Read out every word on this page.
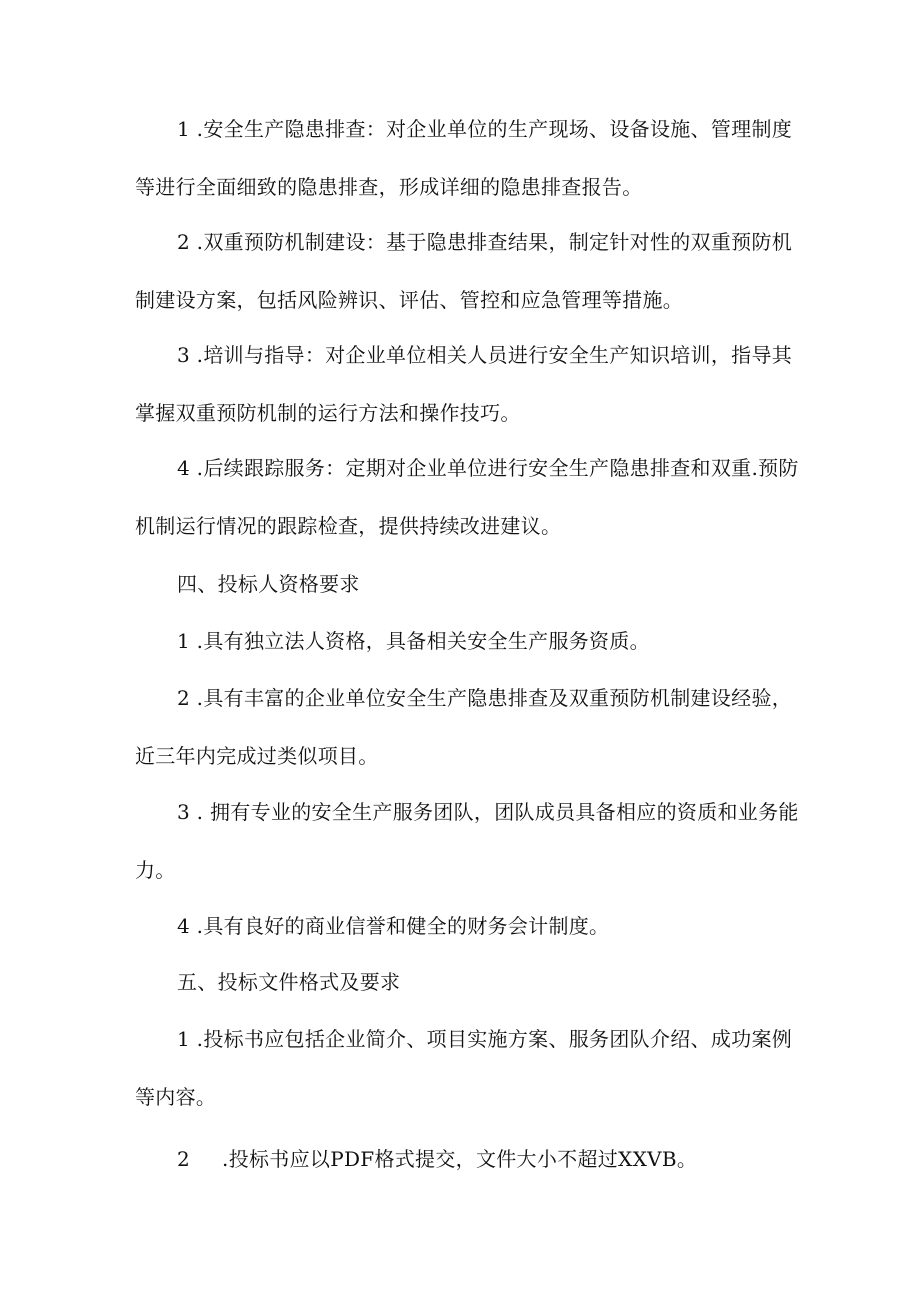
1 .安全生产隐患排查：对企业单位的生产现场、设备设施、管理制度
等进行全面细致的隐患排查，形成详细的隐患排查报告。

2 .双重预防机制建设：基于隐患排查结果，制定针对性的双重预防机
制建设方案，包括风险辨识、评估、管控和应急管理等措施。

3 .培训与指导：对企业单位相关人员进行安全生产知识培训，指导其
掌握双重预防机制的运行方法和操作技巧。

4 .后续跟踪服务：定期对企业单位进行安全生产隐患排查和双重.预防
机制运行情况的跟踪检查，提供持续改进建议。

四、投标人资格要求

1 .具有独立法人资格，具备相关安全生产服务资质。

2 .具有丰富的企业单位安全生产隐患排查及双重预防机制建设经验，
近三年内完成过类似项目。

3 . 拥有专业的安全生产服务团队，团队成员具备相应的资质和业务能
力。

4 .具有良好的商业信誉和健全的财务会计制度。

五、投标文件格式及要求

1 .投标书应包括企业简介、项目实施方案、服务团队介绍、成功案例
等内容。

2 .投标书应以PDF格式提交，文件大小不超过XXVB。
